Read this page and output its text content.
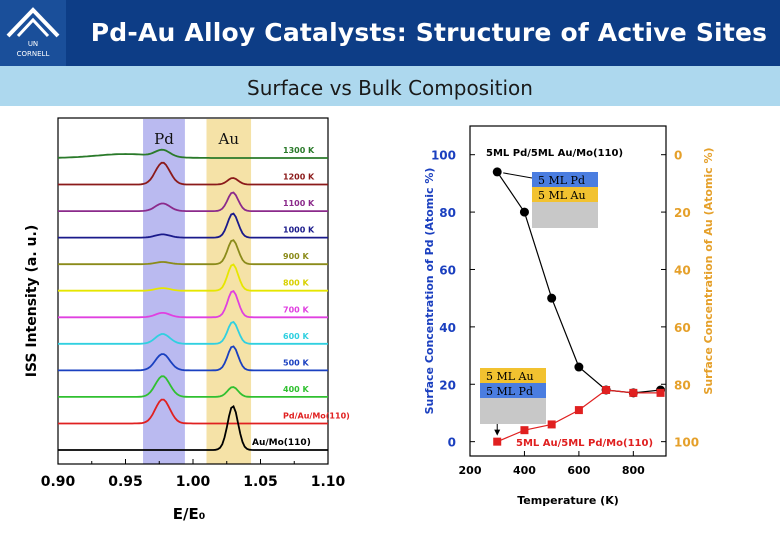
UN
CORNELL
Pd-Au Alloy Catalysts: Structure of Active Sites
Surface vs Bulk Composition
Pd	Au
1300 K
1200 K
1100 K
1000 K
900 K
800 K
700 K
600 K
500 K
400 K
Pd/Au/Mo(110)
Au/Mo(110)
0.90 0.95 1.00 1.05 1.10
E/E₀
ISS Intensity (a. u.)
0
20
40
60
80
100
100
80
60
40
20
0
200	400	600	800
Temperature (K)
Surface Concentration of Pd (Atomic %)	Surface Concentration of Au (Atomic %)
5ML Pd/5ML Au/Mo(110)
5ML Au/5ML Pd/Mo(110)
5 ML Pd
5 ML Au
5 ML Au
5 ML Pd
